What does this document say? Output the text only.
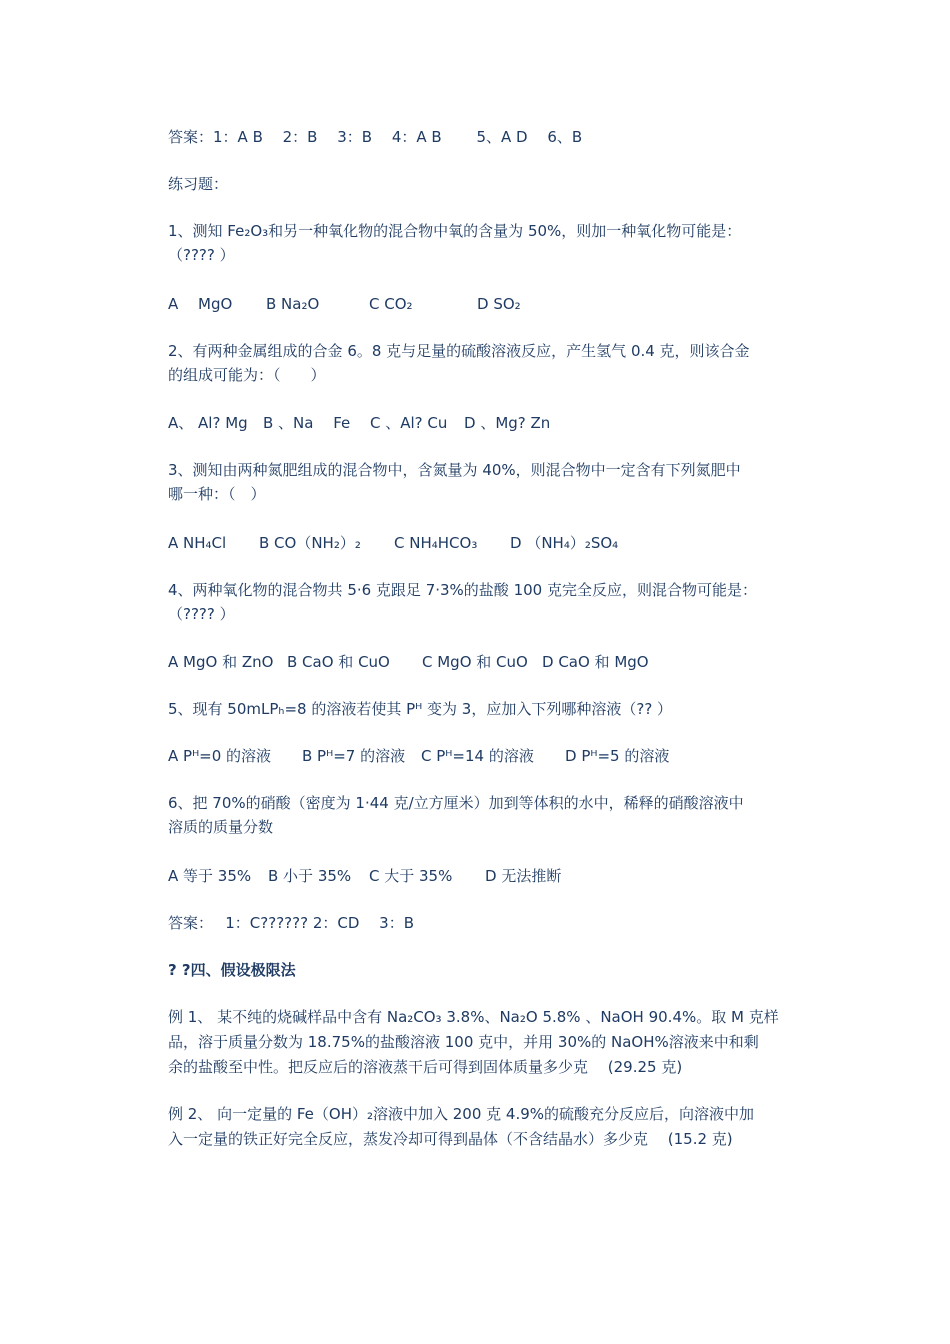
答案：1：A B　 2：B　 3：B　 4：A B　　 5、A D　 6、B
练习题：
1、测知 Fe₂O₃和另一种氧化物的混合物中氧的含量为 50%，则加一种氧化物可能是：
（???? ）
A　 MgO B Na₂O	C CO₂	D SO₂
2、有两种金属组成的合金 6。8 克与足量的硫酸溶液反应，产生氢气 0.4 克，则该合金
的组成可能为：（　　）
A、 Al? Mg B 、Na　 Fe C 、Al? Cu D 、Mg? Zn
3、测知由两种氮肥组成的混合物中，含氮量为 40%，则混合物中一定含有下列氮肥中
哪一种：（　）
A NH₄Cl B CO（NH₂）₂ C NH₄HCO₃ D （NH₄）₂SO₄
4、两种氧化物的混合物共 5·6 克跟足 7·3%的盐酸 100 克完全反应，则混合物可能是：
（???? ）
A MgO 和 ZnO B CaO 和 CuO C MgO 和 CuO D CaO 和 MgO
5、现有 50mLPₕ=8 的溶液若使其 Pᴴ 变为 3，应加入下列哪种溶液（?? ）
A Pᴴ=0 的溶液 B Pᴴ=7 的溶液 C Pᴴ=14 的溶液 D Pᴴ=5 的溶液
6、把 70%的硝酸（密度为 1·44 克/立方厘米）加到等体积的水中，稀释的硝酸溶液中
溶质的质量分数
A 等于 35% B 小于 35% C 大于 35% D 无法推断
答案：　 1：C?????? 2：CD　 3：B
? ?四、假设极限法
例 1、 某不纯的烧碱样品中含有 Na₂CO₃ 3.8%、Na₂O 5.8% 、NaOH 90.4%。取 M 克样
品，溶于质量分数为 18.75%的盐酸溶液 100 克中，并用 30%的 NaOH%溶液来中和剩
余的盐酸至中性。把反应后的溶液蒸干后可得到固体质量多少克　 (29.25 克)
例 2、 向一定量的 Fe（OH）₂溶液中加入 200 克 4.9%的硫酸充分反应后，向溶液中加
入一定量的铁正好完全反应，蒸发冷却可得到晶体（不含结晶水）多少克　 (15.2 克)
